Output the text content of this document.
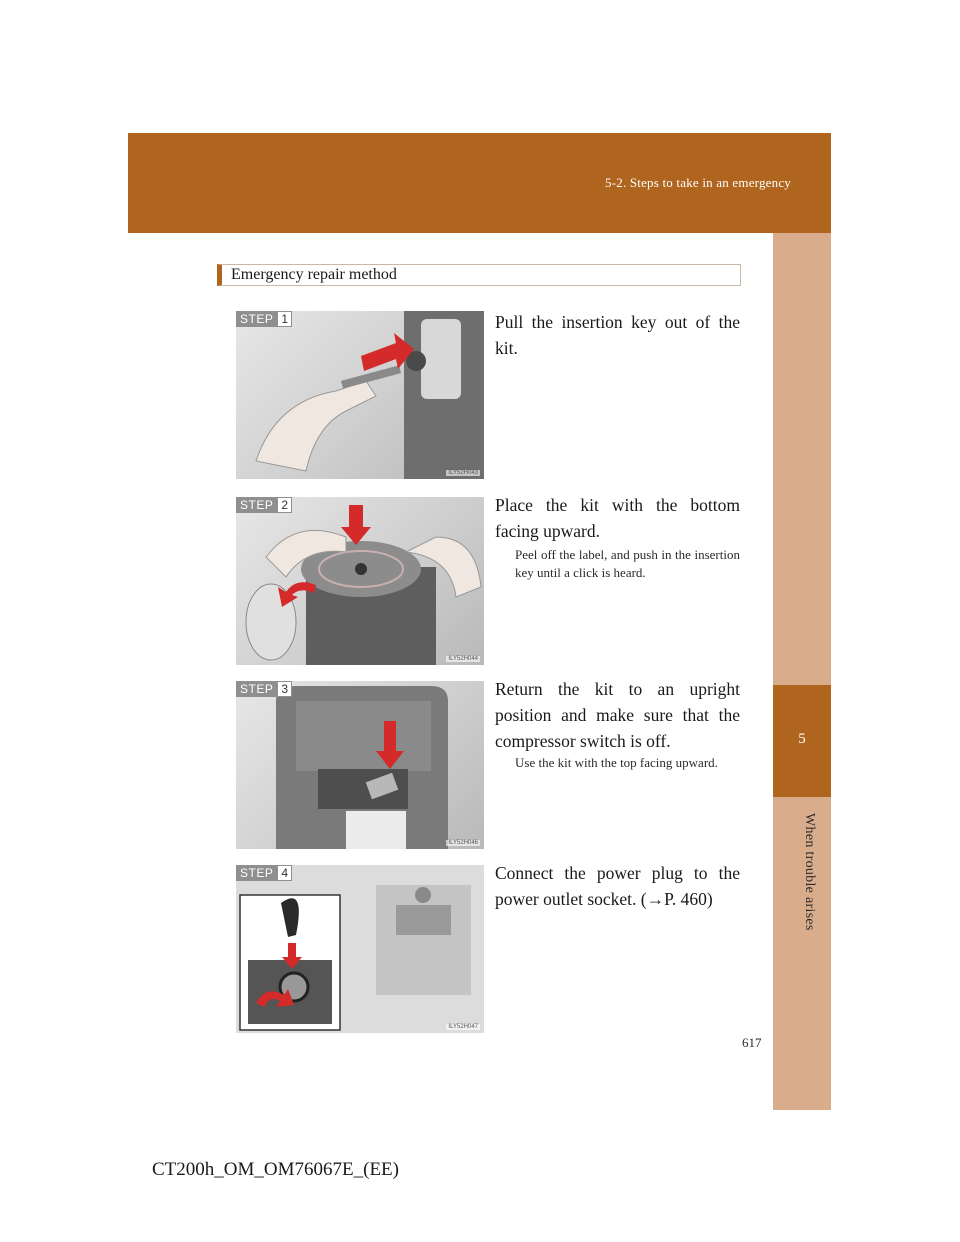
5-2. Steps to take in an emergency
5
When trouble arises
Emergency repair method
STEP 1
ILY52H043
Pull the insertion key out of the kit.
STEP 2
ILY52H044
Place the kit with the bottom facing upward.
Peel off the label, and push in the insertion key until a click is heard.
STEP 3
ILY52H046
Return the kit to an upright position and make sure that the compressor switch is off.
Use the kit with the top facing upward.
STEP 4
ILY52H047
Connect the power plug to the power outlet socket. (→P. 460)
617
CT200h_OM_OM76067E_(EE)
